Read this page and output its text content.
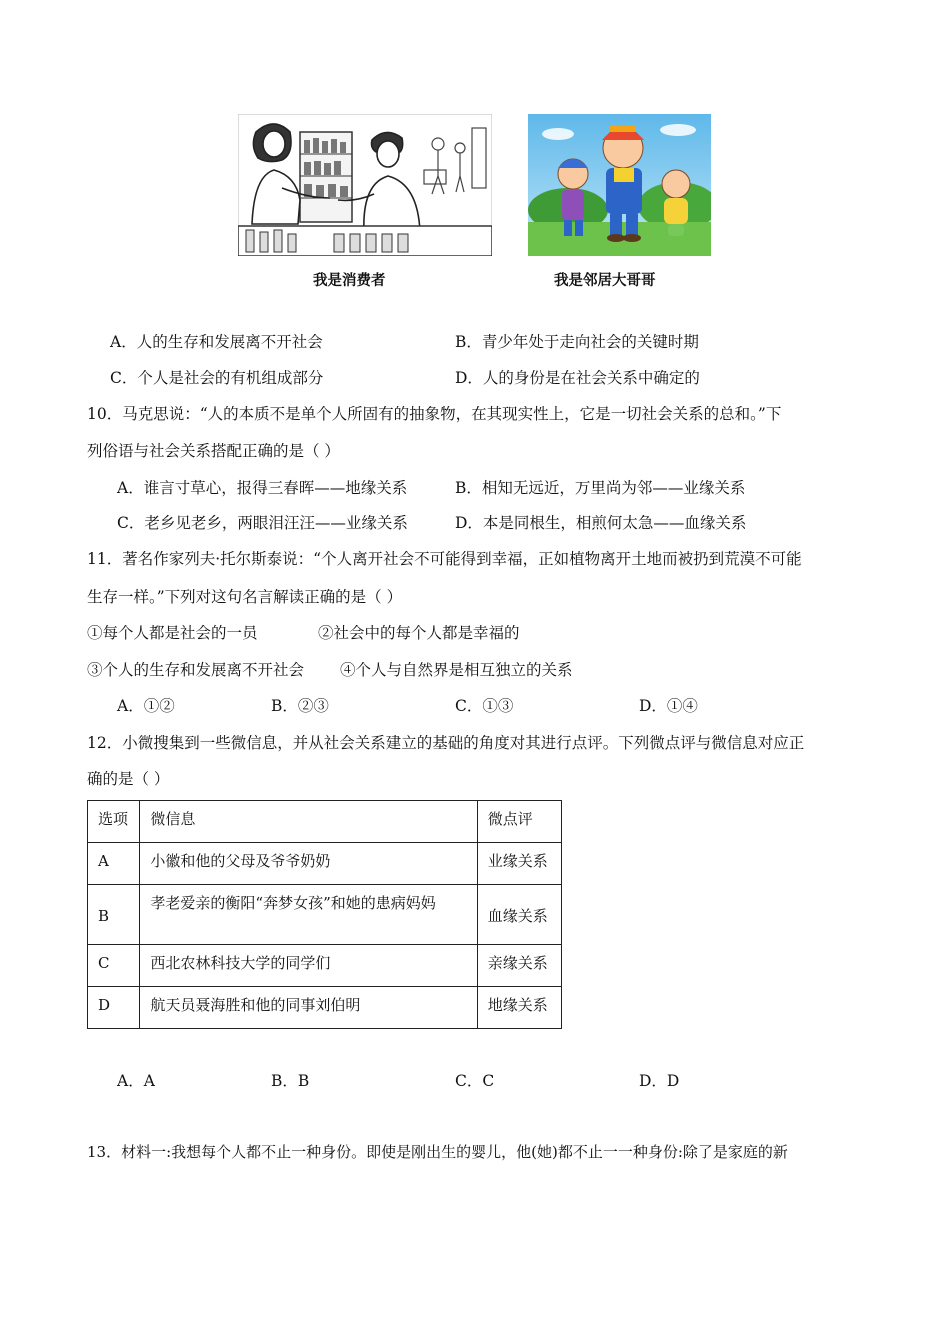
我是消费者	我是邻居大哥哥
A．人的生存和发展离不开社会	B．青少年处于走向社会的关键时期
C．个人是社会的有机组成部分	D．人的身份是在社会关系中确定的
10．马克思说：“人的本质不是单个人所固有的抽象物，在其现实性上，它是一切社会关系的总和。”下
列俗语与社会关系搭配正确的是（ ）
A．谁言寸草心，报得三春晖——地缘关系	B．相知无远近，万里尚为邻——业缘关系
C．老乡见老乡，两眼泪汪汪——业缘关系	D．本是同根生，相煎何太急——血缘关系
11．著名作家列夫·托尔斯泰说：“个人离开社会不可能得到幸福，正如植物离开土地而被扔到荒漠不可能
生存一样。”下列对这句名言解读正确的是（ ）
①每个人都是社会的一员	②社会中的每个人都是幸福的
③个人的生存和发展离不开社会 ④个人与自然界是相互独立的关系
A．①②	B．②③	C．①③	D．①④
12．小微搜集到一些微信息，并从社会关系建立的基础的角度对其进行点评。下列微点评与微信息对应正
确的是（ ）
选项	微信息	微点评
A	小徽和他的父母及爷爷奶奶	业缘关系
B	孝老爱亲的衡阳“奔梦女孩”和她的患病妈妈	血缘关系
C	西北农林科技大学的同学们	亲缘关系
D	航天员聂海胜和他的同事刘伯明	地缘关系
A．A	B．B	C．C	D．D
13．材料一:我想每个人都不止一种身份。即使是刚出生的婴儿，他(她)都不止一一种身份:除了是家庭的新
